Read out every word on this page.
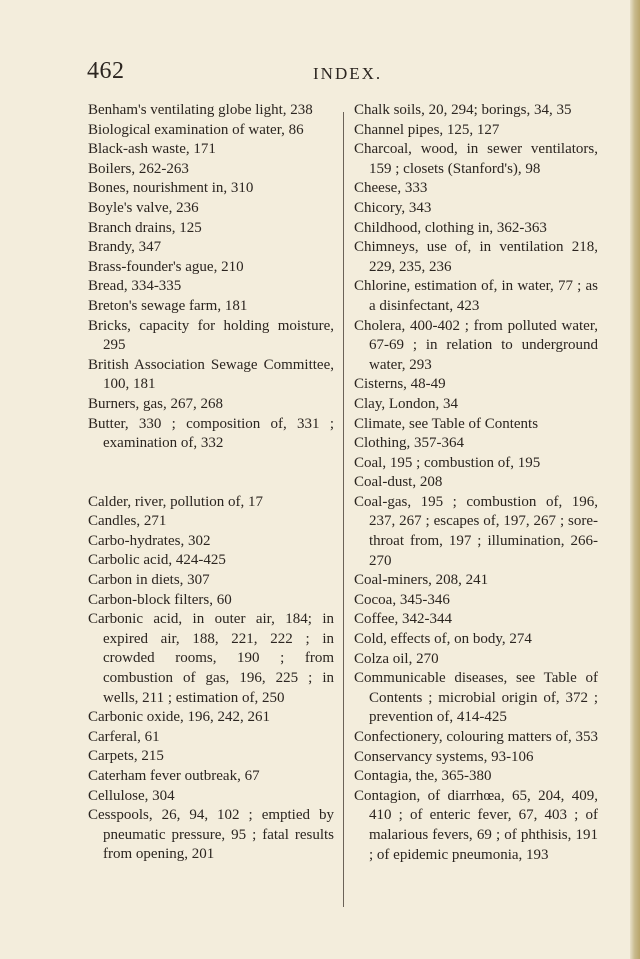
462	INDEX.

Benham's ventilating globe light, 238

Biological examination of water, 86

Black-ash waste, 171

Boilers, 262-263

Bones, nourishment in, 310

Boyle's valve, 236

Branch drains, 125

Brandy, 347

Brass-founder's ague, 210

Bread, 334-335

Breton's sewage farm, 181

Bricks, capacity for holding moisture, 295

British Association Sewage Committee, 100, 181

Burners, gas, 267, 268

Butter, 330 ; composition of, 331 ; examination of, 332

Calder, river, pollution of, 17

Candles, 271

Carbo-hydrates, 302

Carbolic acid, 424-425

Carbon in diets, 307

Carbon-block filters, 60

Carbonic acid, in outer air, 184; in expired air, 188, 221, 222 ; in crowded rooms, 190 ; from combustion of gas, 196, 225 ; in wells, 211 ; estimation of, 250

Carbonic oxide, 196, 242, 261

Carferal, 61

Carpets, 215

Caterham fever outbreak, 67

Cellulose, 304

Cesspools, 26, 94, 102 ; emptied by pneumatic pressure, 95 ; fatal results from opening, 201

Chalk soils, 20, 294; borings, 34, 35

Channel pipes, 125, 127

Charcoal, wood, in sewer ventilators, 159 ; closets (Stanford's), 98

Cheese, 333

Chicory, 343

Childhood, clothing in, 362-363

Chimneys, use of, in ventilation 218, 229, 235, 236

Chlorine, estimation of, in water, 77 ; as a disinfectant, 423

Cholera, 400-402 ; from polluted water, 67-69 ; in relation to underground water, 293

Cisterns, 48-49

Clay, London, 34

Climate, see Table of Contents

Clothing, 357-364

Coal, 195 ; combustion of, 195

Coal-dust, 208

Coal-gas, 195 ; combustion of, 196, 237, 267 ; escapes of, 197, 267 ; sore-throat from, 197 ; illumination, 266-270

Coal-miners, 208, 241

Cocoa, 345-346

Coffee, 342-344

Cold, effects of, on body, 274

Colza oil, 270

Communicable diseases, see Table of Contents ; microbial origin of, 372 ; prevention of, 414-425

Confectionery, colouring matters of, 353

Conservancy systems, 93-106

Contagia, the, 365-380

Contagion, of diarrhœa, 65, 204, 409, 410 ; of enteric fever, 67, 403 ; of malarious fevers, 69 ; of phthisis, 191 ; of epidemic pneumonia, 193
